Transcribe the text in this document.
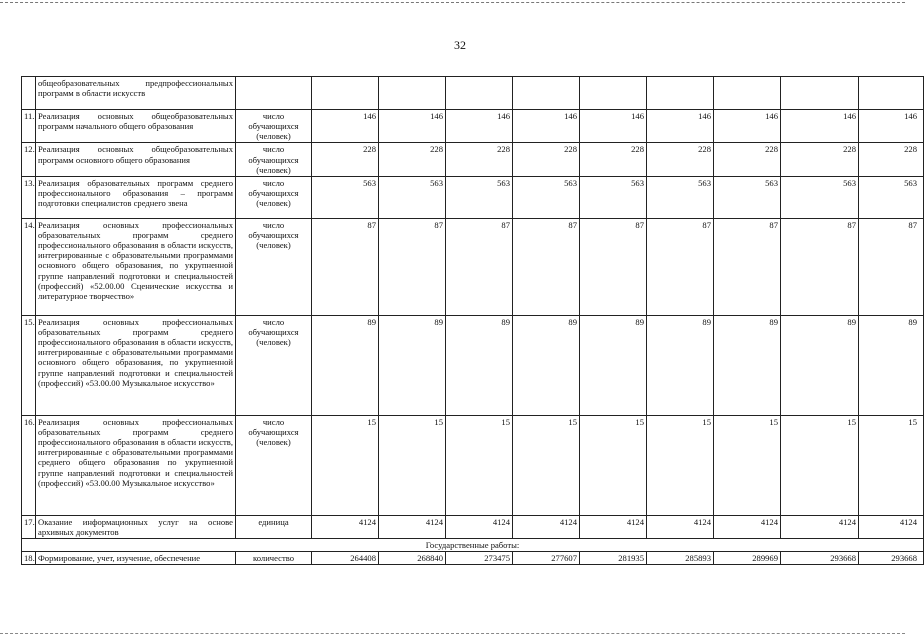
32
	общеобразовательных предпрофессиональных программ в области искусств										
11.	Реализация основных общеобразовательных программ начального общего образования	число обучающихся (человек)	146	146	146	146	146	146	146	146	146
12.	Реализация основных общеобразовательных программ основного общего образования	число обучающихся (человек)	228	228	228	228	228	228	228	228	228
13.	Реализация образовательных программ среднего профессионального образования – программ подготовки специалистов среднего звена	число обучающихся (человек)	563	563	563	563	563	563	563	563	563
14.	Реализация основных профессиональных образовательных программ среднего профессионального образования в области искусств, интегрированные с образовательными программами основного общего образования, по укрупненной группе направлений подготовки и специальностей (профессий) «52.00.00 Сценические искусства и литературное творчество»	число обучающихся (человек)	87	87	87	87	87	87	87	87	87
15.	Реализация основных профессиональных образовательных программ среднего профессионального образования в области искусств, интегрированные с образовательными программами основного общего образования, по укрупненной группе направлений подготовки и специальностей (профессий) «53.00.00 Музыкальное искусство»	число обучающихся (человек)	89	89	89	89	89	89	89	89	89
16.	Реализация основных профессиональных образовательных программ среднего профессионального образования в области искусств, интегрированные с образовательными программами среднего общего образования по укрупненной группе направлений подготовки и специальностей (профессий) «53.00.00 Музыкальное искусство»	число обучающихся (человек)	15	15	15	15	15	15	15	15	15
17.	Оказание информационных услуг на основе архивных документов	единица	4124	4124	4124	4124	4124	4124	4124	4124	4124
Государственные работы:											
18.	Формирование, учет, изучение, обеспечение	количество	264408	268840	273475	277607	281935	285893	289969	293668	293668
